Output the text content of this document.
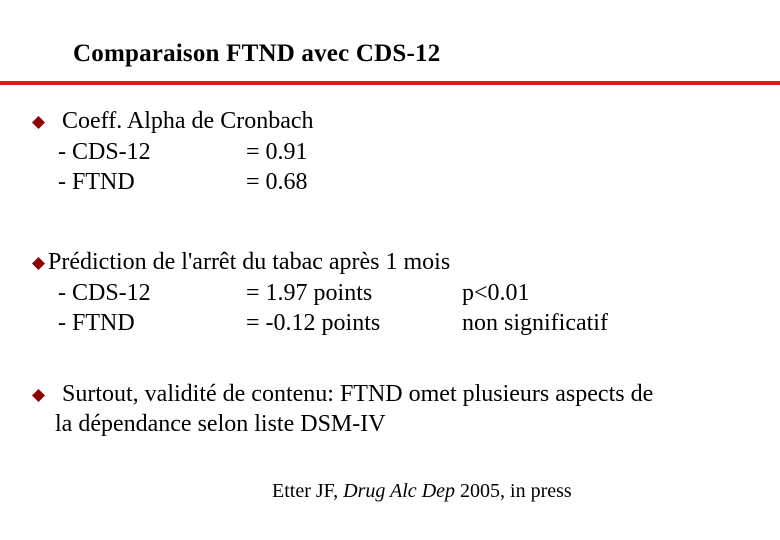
Comparaison FTND avec CDS-12
Coeff. Alpha de Cronbach
- CDS-12	= 0.91
- FTND	= 0.68
Prédiction de l'arrêt du tabac après 1 mois
- CDS-12	= 1.97 points	p<0.01
- FTND	= -0.12 points	non significatif
Surtout, validité de contenu: FTND omet plusieurs aspects de
la dépendance selon liste DSM-IV
Etter JF, Drug Alc Dep 2005, in press
